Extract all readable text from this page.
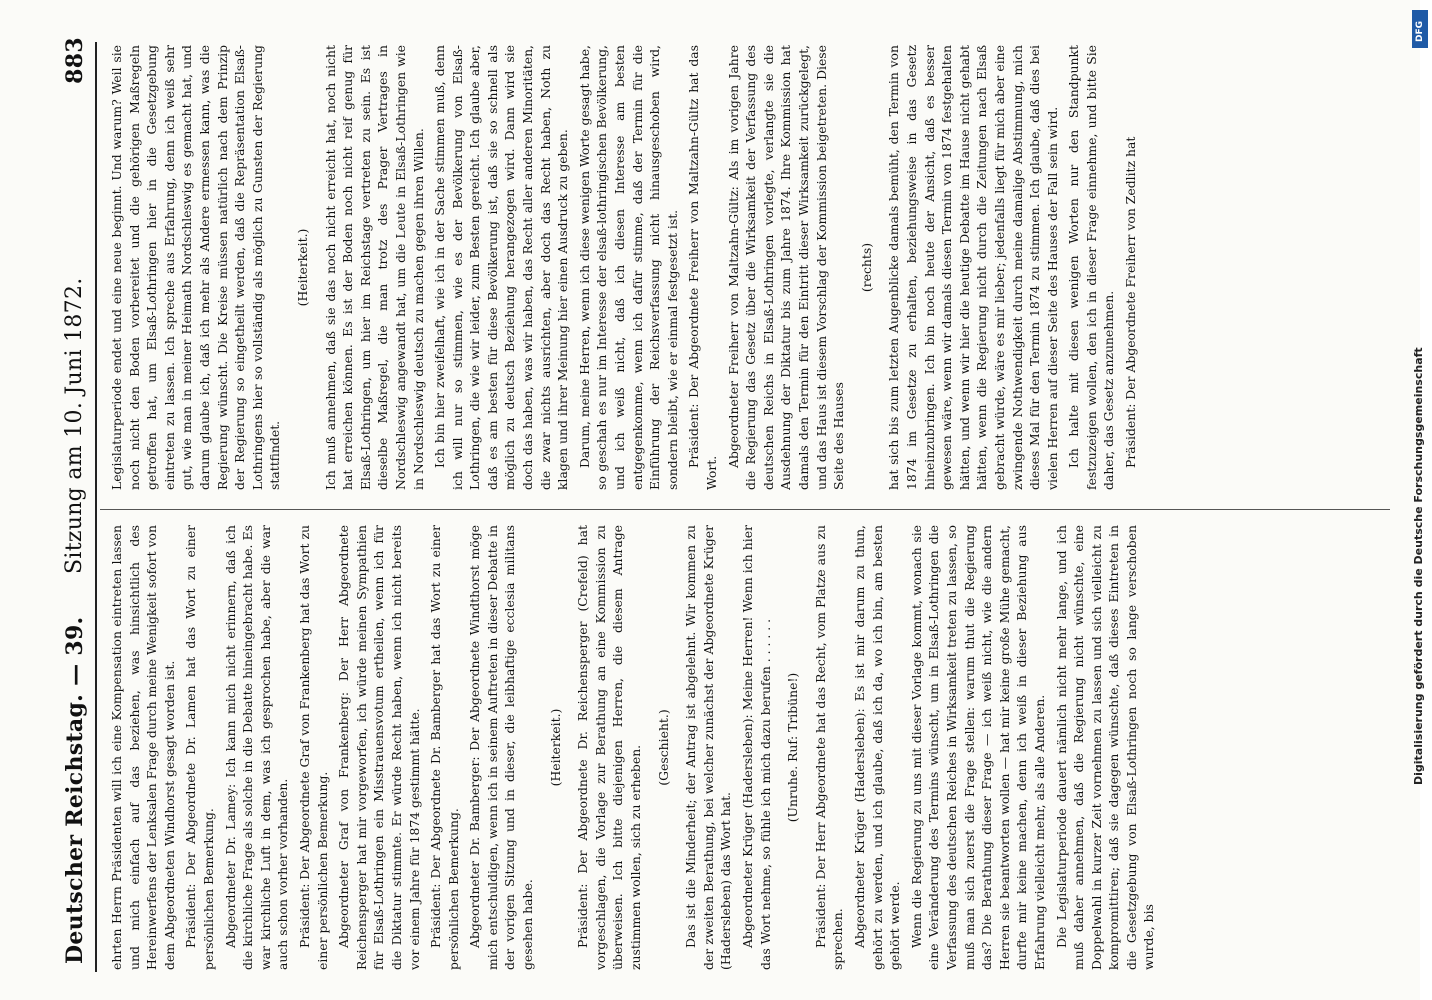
Deutscher Reichstag. — 39.
Sitzung am 10. Juni 1872.
883

ehrten Herrn Präsidenten will ich eine Kompensation eintreten lassen und mich einfach auf das beziehen, was hinsichtlich des Hereinwerfens der Lenksalen Frage durch meine Wenigkeit sofort von dem Abgeordneten Windhorst gesagt worden ist. Präsident: Der Abgeordnete Dr. Lamen hat das Wort zu einer persönlichen Bemerkung. Abgeordneter Dr. Lamey: Ich kann mich nicht erinnern, daß ich die kirchliche Frage als solche in die Debatte hineingebracht habe. Es war kirchliche Luft in dem, was ich gesprochen habe, aber die war auch schon vorher vorhanden. Präsident: Der Abgeordnete Graf von Frankenberg hat das Wort zu einer persönlichen Bemerkung. Abgeordneter Graf von Frankenberg: Der Herr Abgeordnete Reichensperger hat mir vorgeworfen, ich würde meinen Sympathien für Elsaß-Lothringen ein Misstrauensvotum ertheilen, wenn ich für die Diktatur stimmte. Er würde Recht haben, wenn ich nicht bereits vor einem Jahre für 1874 gestimmt hätte. Präsident: Der Abgeordnete Dr. Bamberger hat das Wort zu einer persönlichen Bemerkung. Abgeordneter Dr. Bamberger: Der Abgeordnete Windthorst möge mich entschuldigen, wenn ich in seinem Auftreten in dieser Debatte in der vorigen Sitzung und in dieser, die leibhaftige ecclesia militans gesehen habe.

(Heiterkeit.) Präsident: Der Abgeordnete Dr. Reichensperger (Crefeld) hat vorgeschlagen, die Vorlage zur Berathung an eine Kommission zu überweisen. Ich bitte diejenigen Herren, die diesem Antrage zustimmen wollen, sich zu erheben. (Geschieht.) Das ist die Minderheit; der Antrag ist abgelehnt. Wir kommen zu der zweiten Berathung, bei welcher zunächst der Abgeordnete Krüger (Hadersleben) das Wort hat. Abgeordneter Krüger (Hadersleben): Meine Herren! Wenn ich hier das Wort nehme, so fühle ich mich dazu berufen . . . . . . (Unruhe. Ruf: Tribüne!) Präsident: Der Herr Abgeordnete hat das Recht, vom Platze aus zu sprechen. Abgeordneter Krüger (Hadersleben): Es ist mir darum zu thun, gehört zu werden, und ich glaube, daß ich da, wo ich bin, am besten gehört werde. Wenn die Regierung zu uns mit dieser Vorlage kommt, wonach sie eine Veränderung des Termins wünscht, um in Elsaß-Lothringen die Verfassung des deutschen Reiches in Wirksamkeit treten zu lassen, so muß man sich zuerst die Frage stellen: warum thut die Regierung das? Die Berathung dieser Frage — ich weiß nicht, wie die andern Herren sie beantworten wollen — hat mir keine große Mühe gemacht, durfte mir keine machen, denn ich weiß in dieser Beziehung aus Erfahrung vielleicht mehr, als alle Anderen. Die Legislaturperiode dauert nämlich nicht mehr lange, und ich muß daher annehmen, daß die Regierung nicht wünschte, eine Doppelwahl in kurzer Zeit vornehmen zu lassen und sich vielleicht zu kompromittiren; daß sie dagegen wünschte, daß dieses Eintreten in die Gesetzgebung von Elsaß-Lothringen noch so lange verschoben wurde, bis

Legislaturperiode endet und eine neue beginnt. Und warum? Weil sie noch nicht den Boden vorbereitet und die gehörigen Maßregeln getroffen hat, um Elsaß-Lothringen hier in die Gesetzgebung eintreten zu lassen. Ich spreche aus Erfahrung, denn ich weiß sehr gut, wie man in meiner Heimath Nordschleswig es gemacht hat, und darum glaube ich, daß ich mehr als Andere ermessen kann, was die Regierung wünscht. Die Kreise müssen natürlich nach dem Prinzip der Regierung so eingetheilt werden, daß die Repräsentation Elsaß-Lothringens hier so vollständig als möglich zu Gunsten der Regierung stattfindet.

(Heiterkeit.) Ich muß annehmen, daß sie das noch nicht erreicht hat, noch nicht hat erreichen können. Es ist der Boden noch nicht reif genug für Elsaß-Lothringen, um hier im Reichstage vertreten zu sein. Es ist dieselbe Maßregel, die man trotz des Prager Vertrages in Nordschleswig angewandt hat, um die Leute in Elsaß-Lothringen wie in Nordschleswig deutsch zu machen gegen ihren Willen. Ich bin hier zweifelhaft, wie ich in der Sache stimmen muß, denn ich will nur so stimmen, wie es der Bevölkerung von Elsaß-Lothringen, die wie wir leider, zum Besten gereicht. Ich glaube aber, daß es am besten für diese Bevölkerung ist, daß sie so schnell als möglich zu deutsch Beziehung herangezogen wird. Dann wird sie doch das haben, was wir haben, das Recht aller anderen Minoritäten, die zwar nichts ausrichten, aber doch das Recht haben, Noth zu klagen und ihrer Meinung hier einen Ausdruck zu geben. Darum, meine Herren, wenn ich diese wenigen Worte gesagt habe, so geschah es nur im Interesse der elsaß-lothringischen Bevölkerung, und ich weiß nicht, daß ich diesen Interesse am besten entgegenkomme, wenn ich dafür stimme, daß der Termin für die Einführung der Reichsverfassung nicht hinausgeschoben wird, sondern bleibt, wie er einmal festgesetzt ist. Präsident: Der Abgeordnete Freiherr von Maltzahn-Gültz hat das Wort.

Abgeordneter Freiherr von Maltzahn-Gültz: Als im vorigen Jahre die Regierung das Gesetz über die Wirksamkeit der Verfassung des deutschen Reichs in Elsaß-Lothringen vorlegte, verlangte sie die Ausdehnung der Diktatur bis zum Jahre 1874. Ihre Kommission hat damals den Termin für den Eintritt dieser Wirksamkeit zurückgelegt, und das Haus ist diesem Vorschlag der Kommission beigetreten. Diese Seite des Hauses

(rechts) hat sich bis zum letzten Augenblicke damals bemüht, den Termin von 1874 im Gesetze zu erhalten, beziehungsweise in das Gesetz hineinzubringen. Ich bin noch heute der Ansicht, daß es besser gewesen wäre, wenn wir damals diesen Termin von 1874 festgehalten hätten, und wenn wir hier die heutige Debatte im Hause nicht gehabt hätten, wenn die Regierung nicht durch die Zeitungen nach Elsaß gebracht würde, wäre es mir lieber; jedenfalls liegt für mich aber eine zwingende Nothwendigkeit durch meine damalige Abstimmung, mich dieses Mal für den Termin 1874 zu stimmen. Ich glaube, daß dies bei vielen Herren auf dieser Seite des Hauses der Fall sein wird. Ich halte mit diesen wenigen Worten nur den Standpunkt festzuzeigen wollen, den ich in dieser Frage einnehme, und bitte Sie daher, das Gesetz anzunehmen. Präsident: Der Abgeordnete Freiherr von Zedlitz hat

DFG
Digitalisierung gefördert durch die Deutsche Forschungsgemeinschaft
